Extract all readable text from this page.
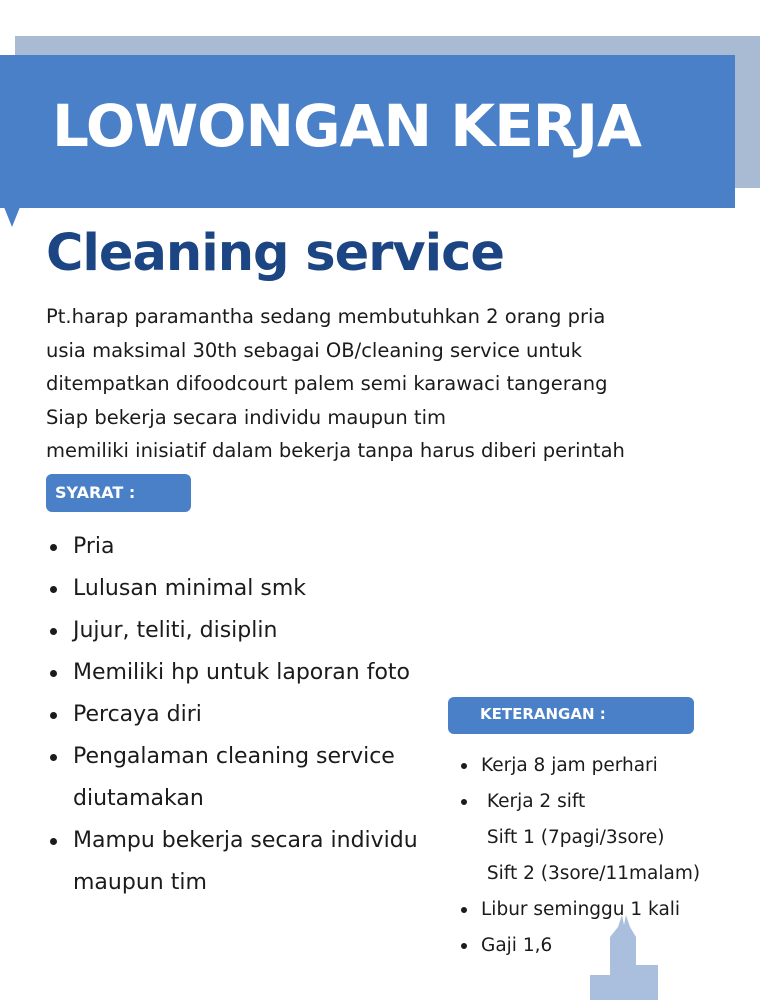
LOWONGAN KERJA
Cleaning service
Pt.harap paramantha sedang membutuhkan 2 orang pria
usia maksimal 30th sebagai OB/cleaning service untuk
ditempatkan difoodcourt palem semi karawaci tangerang
Siap bekerja secara individu maupun tim
memiliki inisiatif dalam bekerja tanpa harus diberi perintah
SYARAT :
Pria
Lulusan minimal smk
Jujur, teliti, disiplin
Memiliki hp untuk laporan foto
Percaya diri
Pengalaman cleaning service
diutamakan
Mampu bekerja secara individu
maupun tim
KETERANGAN :
Kerja 8 jam perhari
Kerja 2 sift
Sift 1 (7pagi/3sore)
Sift 2 (3sore/11malam)
Libur seminggu 1 kali
Gaji 1,6
